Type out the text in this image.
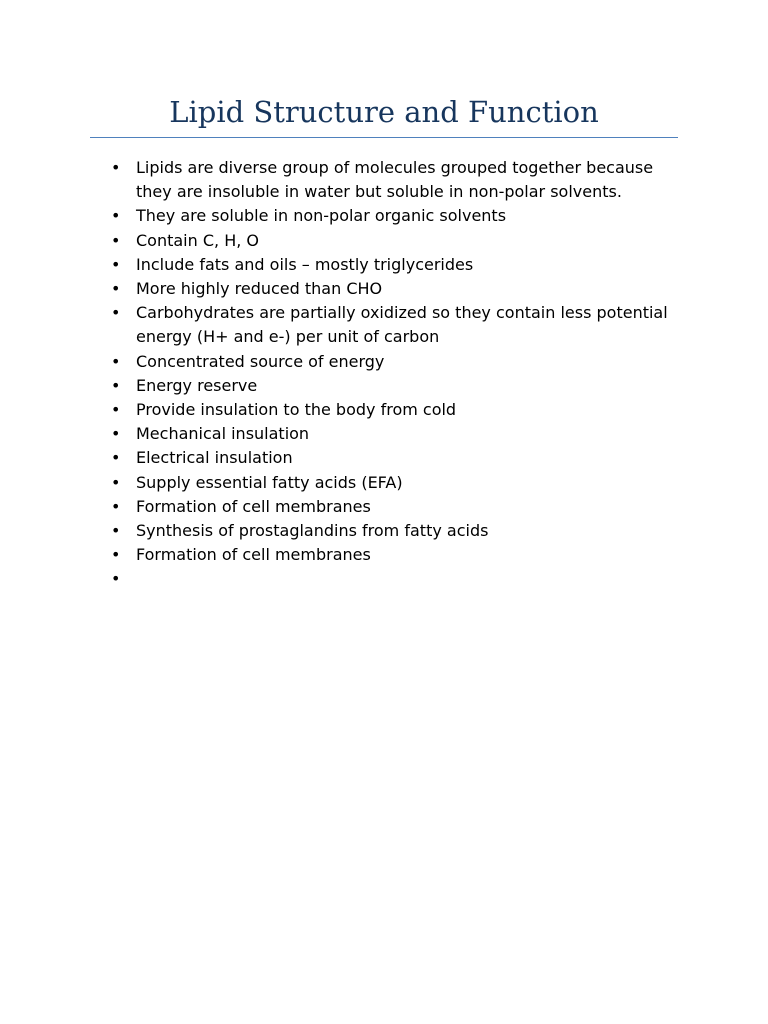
Lipid Structure and Function
• Lipids are diverse group of molecules grouped together because they are insoluble in water but soluble in non-polar solvents.
• They are soluble in non-polar organic solvents
• Contain C, H, O
• Include fats and oils – mostly triglycerides
• More highly reduced than CHO
• Carbohydrates are partially oxidized so they contain less potential energy (H+ and e-) per unit of carbon
• Concentrated source of energy
• Energy reserve
• Provide insulation to the body from cold
• Mechanical insulation
• Electrical insulation
• Supply essential fatty acids (EFA)
• Formation of cell membranes
• Synthesis of prostaglandins from fatty acids
• Formation of cell membranes
•
